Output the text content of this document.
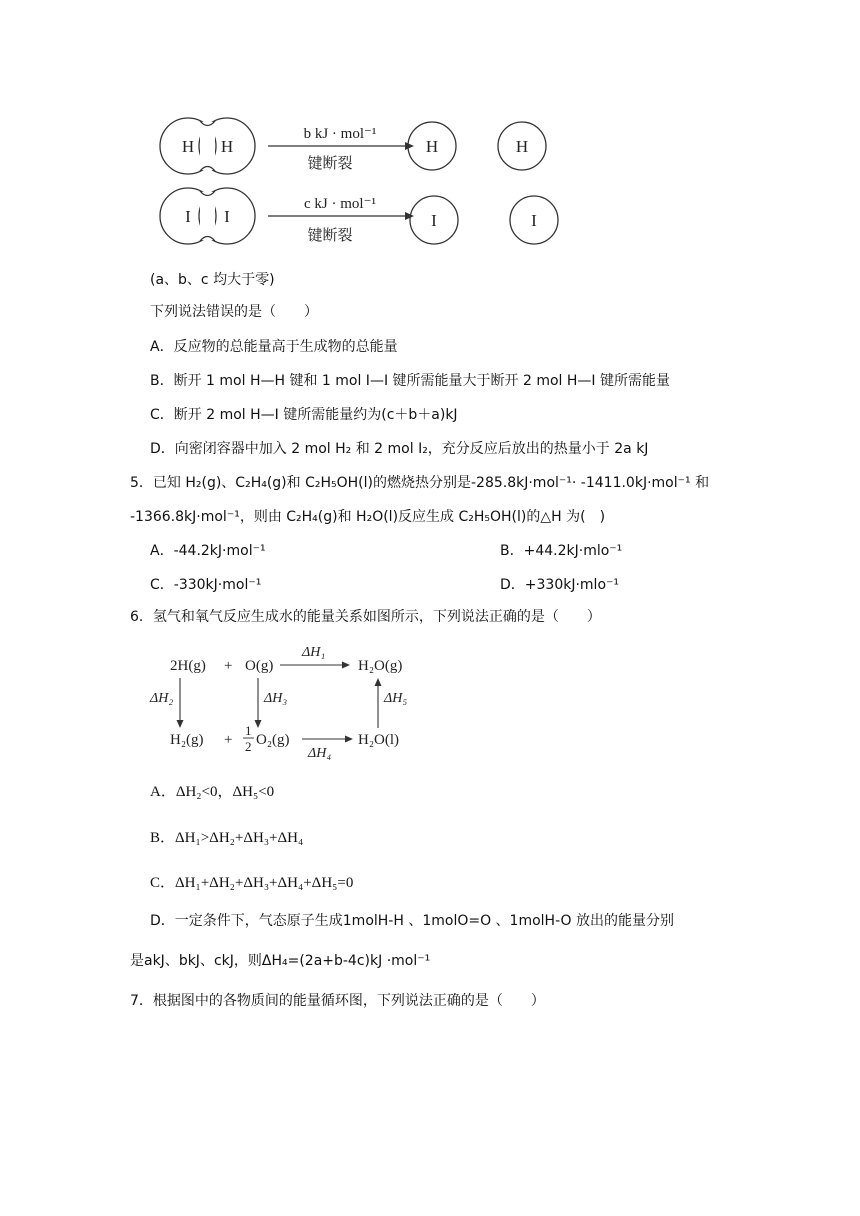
H H
b kJ · mol⁻¹
键断裂
H	H
I I
c kJ · mol⁻¹
键断裂
I	I
(a、b、c 均大于零)
下列说法错误的是（　　）
A．反应物的总能量高于生成物的总能量
B．断开 1 mol H—H 键和 1 mol I—I 键所需能量大于断开 2 mol H—I 键所需能量
C．断开 2 mol H—I 键所需能量约为(c＋b＋a)kJ
D．向密闭容器中加入 2 mol H₂ 和 2 mol I₂，充分反应后放出的热量小于 2a kJ
5．已知 H₂(g)、C₂H₄(g)和 C₂H₅OH(l)的燃烧热分别是-285.8kJ·mol⁻¹· -1411.0kJ·mol⁻¹ 和
-1366.8kJ·mol⁻¹，则由 C₂H₄(g)和 H₂O(l)反应生成 C₂H₅OH(l)的△H 为(　)
A．-44.2kJ·mol⁻¹	B．+44.2kJ·mlo⁻¹
C．-330kJ·mol⁻¹	D．+330kJ·mlo⁻¹
6．氢气和氧气反应生成水的能量关系如图所示，下列说法正确的是（　　）
2H(g) + O(g)
ΔH₁
H₂O(g)
ΔH₂	ΔH₃	ΔH₅
H₂(g) +
1
2 O₂(g)
ΔH₄
H₂O(l)
A．ΔH₂<0，ΔH₅<0
B．ΔH₁>ΔH₂+ΔH₃+ΔH₄
C．ΔH₁+ΔH₂+ΔH₃+ΔH₄+ΔH₅=0
D．一定条件下，气态原子生成1molH-H 、1molO=O 、1molH-O 放出的能量分别
是akJ、bkJ、ckJ，则ΔH₄=(2a+b-4c)kJ ·mol⁻¹
7．根据图中的各物质间的能量循环图，下列说法正确的是（　　）
